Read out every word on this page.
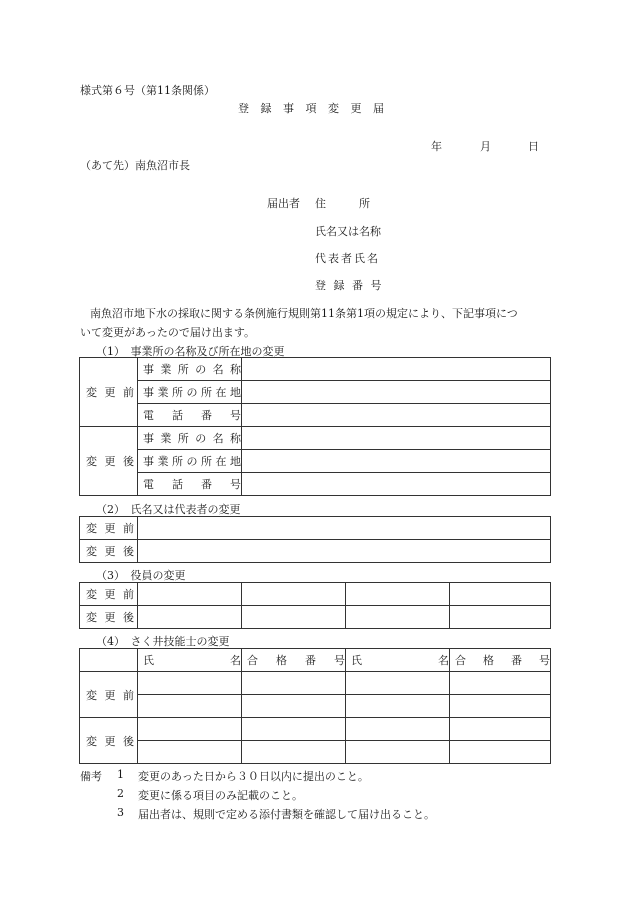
様式第６号（第11条関係）
登 録 事 項 変 更 届
年	月	日
（あて先）南魚沼市長
届出者 住　　　所
氏名又は名称
代表者氏名
登 録 番 号
南魚沼市地下水の採取に関する条例施行規則第11条第1項の規定により、下記事項につ
いて変更があったので届け出ます。
（1）　事業所の名称及び所在地の変更
変 更 前	事業所の名称	

	事業所の所在地	

	電話番号	

変 更 後	事業所の名称	

	事業所の所在地	

	電話番号	

（2）　氏名又は代表者の変更
変 更 前	
変 更 後	
（3）　役員の変更
変 更 前				
変 更 後				
（4）　さく井技能士の変更

	氏 名	合 格 番 号	氏 名	合 格 番 号

変 更 前				

変 更 後				

備考 1 変更のあった日から３０日以内に提出のこと。
2 変更に係る項目のみ記載のこと。
3 届出者は、規則で定める添付書類を確認して届け出ること。
